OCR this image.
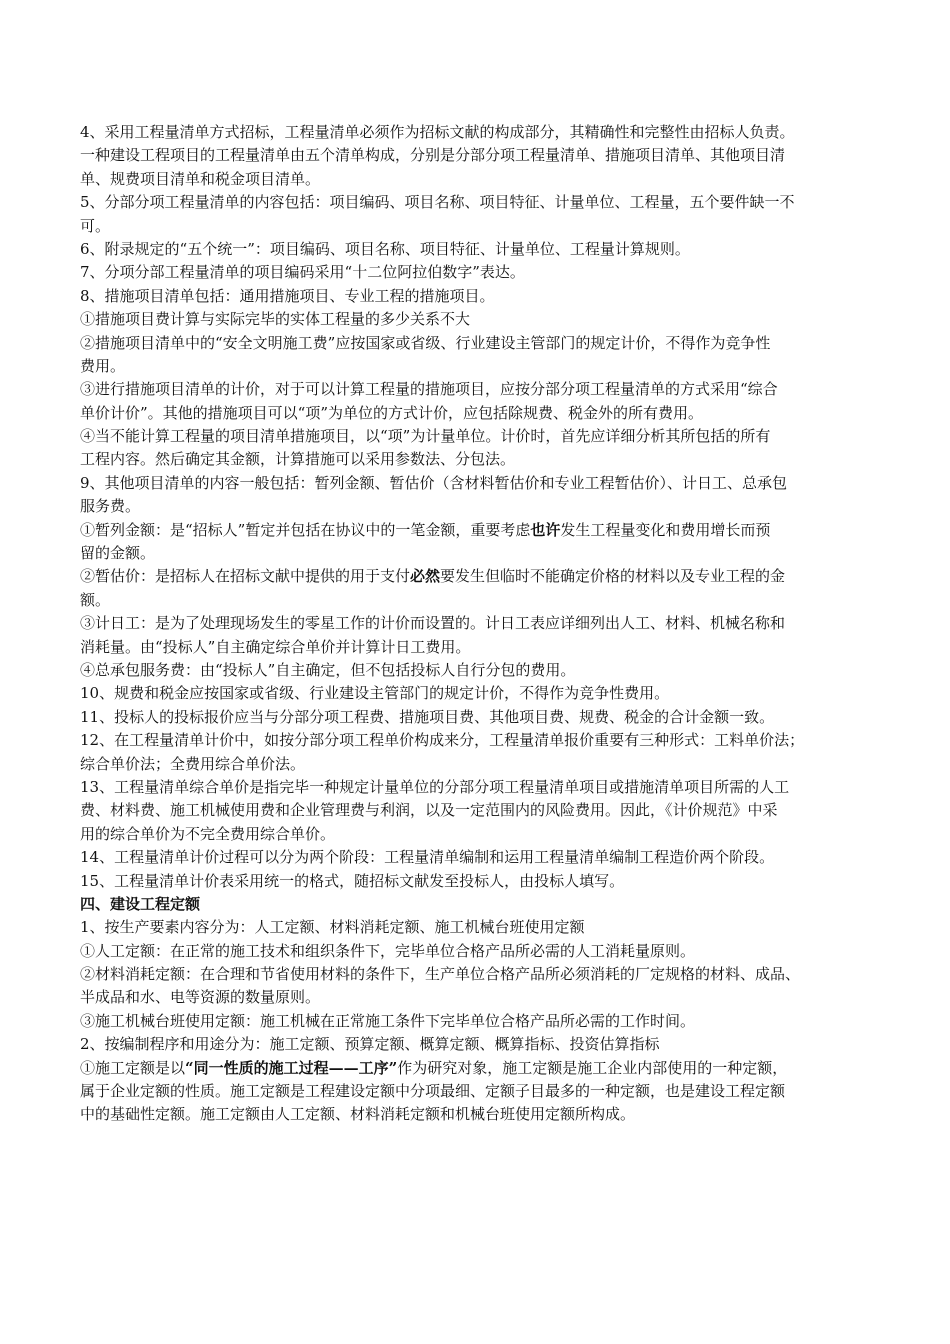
4、采用工程量清单方式招标，工程量清单必须作为招标文献的构成部分，其精确性和完整性由招标人负责。
一种建设工程项目的工程量清单由五个清单构成，分别是分部分项工程量清单、措施项目清单、其他项目清
单、规费项目清单和税金项目清单。
5、分部分项工程量清单的内容包括：项目编码、项目名称、项目特征、计量单位、工程量，五个要件缺一不
可。
6、附录规定的“五个统一”：项目编码、项目名称、项目特征、计量单位、工程量计算规则。
7、分项分部工程量清单的项目编码采用“十二位阿拉伯数字”表达。
8、措施项目清单包括：通用措施项目、专业工程的措施项目。
①措施项目费计算与实际完毕的实体工程量的多少关系不大
②措施项目清单中的“安全文明施工费”应按国家或省级、行业建设主管部门的规定计价，不得作为竞争性
费用。
③进行措施项目清单的计价，对于可以计算工程量的措施项目，应按分部分项工程量清单的方式采用“综合
单价计价”。其他的措施项目可以“项”为单位的方式计价，应包括除规费、税金外的所有费用。
④当不能计算工程量的项目清单措施项目，以“项”为计量单位。计价时，首先应详细分析其所包括的所有
工程内容。然后确定其金额，计算措施可以采用参数法、分包法。
9、其他项目清单的内容一般包括：暂列金额、暂估价（含材料暂估价和专业工程暂估价）、计日工、总承包
服务费。
①暂列金额：是“招标人”暂定并包括在协议中的一笔金额，重要考虑也许发生工程量变化和费用增长而预
留的金额。
②暂估价：是招标人在招标文献中提供的用于支付必然要发生但临时不能确定价格的材料以及专业工程的金
额。
③计日工：是为了处理现场发生的零星工作的计价而设置的。计日工表应详细列出人工、材料、机械名称和
消耗量。由“投标人”自主确定综合单价并计算计日工费用。
④总承包服务费：由“投标人”自主确定，但不包括投标人自行分包的费用。
10、规费和税金应按国家或省级、行业建设主管部门的规定计价，不得作为竞争性费用。
11、投标人的投标报价应当与分部分项工程费、措施项目费、其他项目费、规费、税金的合计金额一致。
12、在工程量清单计价中，如按分部分项工程单价构成来分，工程量清单报价重要有三种形式：工料单价法；
综合单价法；全费用综合单价法。
13、工程量清单综合单价是指完毕一种规定计量单位的分部分项工程量清单项目或措施清单项目所需的人工
费、材料费、施工机械使用费和企业管理费与利润，以及一定范围内的风险费用。因此，《计价规范》中采
用的综合单价为不完全费用综合单价。
14、工程量清单计价过程可以分为两个阶段：工程量清单编制和运用工程量清单编制工程造价两个阶段。
15、工程量清单计价表采用统一的格式，随招标文献发至投标人，由投标人填写。
四、建设工程定额
1、按生产要素内容分为：人工定额、材料消耗定额、施工机械台班使用定额
①人工定额：在正常的施工技术和组织条件下，完毕单位合格产品所必需的人工消耗量原则。
②材料消耗定额：在合理和节省使用材料的条件下，生产单位合格产品所必须消耗的厂定规格的材料、成品、
半成品和水、电等资源的数量原则。
③施工机械台班使用定额：施工机械在正常施工条件下完毕单位合格产品所必需的工作时间。
2、按编制程序和用途分为：施工定额、预算定额、概算定额、概算指标、投资估算指标
①施工定额是以“同一性质的施工过程——工序”作为研究对象，施工定额是施工企业内部使用的一种定额，
属于企业定额的性质。施工定额是工程建设定额中分项最细、定额子目最多的一种定额，也是建设工程定额
中的基础性定额。施工定额由人工定额、材料消耗定额和机械台班使用定额所构成。
